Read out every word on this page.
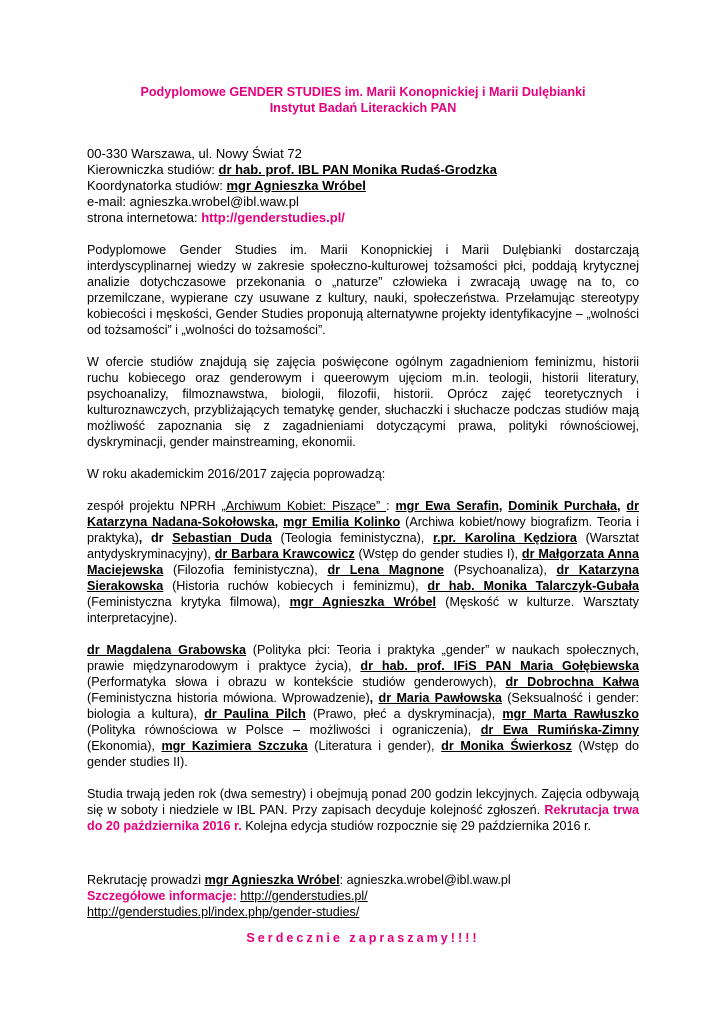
Podyplomowe GENDER STUDIES im. Marii Konopnickiej i Marii Dulębianki
Instytut Badań Literackich PAN
00-330 Warszawa, ul. Nowy Świat 72
Kierowniczka studiów: dr hab. prof. IBL PAN Monika Rudaś-Grodzka
Koordynatorka studiów: mgr Agnieszka Wróbel
e-mail: agnieszka.wrobel@ibl.waw.pl
strona internetowa: http://genderstudies.pl/

Podyplomowe Gender Studies im. Marii Konopnickiej i Marii Dulębianki dostarczają interdyscyplinarnej wiedzy w zakresie społeczno-kulturowej tożsamości płci, poddają krytycznej analizie dotychczasowe przekonania o „naturze” człowieka i zwracają uwagę na to, co przemilczane, wypierane czy usuwane z kultury, nauki, społeczeństwa. Przełamując stereotypy kobiecości i męskości, Gender Studies proponują alternatywne projekty identyfikacyjne – „wolności od tożsamości” i „wolności do tożsamości”.

W ofercie studiów znajdują się zajęcia poświęcone ogólnym zagadnieniom feminizmu, historii ruchu kobiecego oraz genderowym i queerowym ujęciom m.in. teologii, historii literatury, psychoanalizy, filmoznawstwa, biologii, filozofii, historii. Oprócz zajęć teoretycznych i kulturoznawczych, przybliżających tematykę gender, słuchaczki i słuchacze podczas studiów mają możliwość zapoznania się z zagadnieniami dotyczącymi prawa, polityki równościowej, dyskryminacji, gender mainstreaming, ekonomii.

W roku akademickim 2016/2017 zajęcia poprowadzą:

zespół projektu NPRH „Archiwum Kobiet: Piszące” : mgr Ewa Serafin, Dominik Purchała, dr Katarzyna Nadana-Sokołowska, mgr Emilia Kolinko (Archiwa kobiet/nowy biografizm. Teoria i praktyka), dr Sebastian Duda (Teologia feministyczna), r.pr. Karolina Kędziora (Warsztat antydyskryminacyjny), dr Barbara Krawcowicz (Wstęp do gender studies I), dr Małgorzata Anna Maciejewska (Filozofia feministyczna), dr Lena Magnone (Psychoanaliza), dr Katarzyna Sierakowska (Historia ruchów kobiecych i feminizmu), dr hab. Monika Talarczyk-Gubała (Feministyczna krytyka filmowa), mgr Agnieszka Wróbel (Męskość w kulturze. Warsztaty interpretacyjne).

dr Magdalena Grabowska (Polityka płci: Teoria i praktyka „gender” w naukach społecznych, prawie międzynarodowym i praktyce życia), dr hab. prof. IFiS PAN Maria Gołębiewska (Performatyka słowa i obrazu w kontekście studiów genderowych), dr Dobrochna Kałwa (Feministyczna historia mówiona. Wprowadzenie), dr Maria Pawłowska (Seksualność i gender: biologia a kultura), dr Paulina Pilch (Prawo, płeć a dyskryminacja), mgr Marta Rawłuszko (Polityka równościowa w Polsce – możliwości i ograniczenia), dr Ewa Rumińska-Zimny (Ekonomia), mgr Kazimiera Szczuka (Literatura i gender), dr Monika Świerkosz (Wstęp do gender studies II).

Studia trwają jeden rok (dwa semestry) i obejmują ponad 200 godzin lekcyjnych. Zajęcia odbywają się w soboty i niedziele w IBL PAN. Przy zapisach decyduje kolejność zgłoszeń. Rekrutacja trwa do 20 października 2016 r. Kolejna edycja studiów rozpocznie się 29 października 2016 r.

Rekrutację prowadzi mgr Agnieszka Wróbel: agnieszka.wrobel@ibl.waw.pl
Szczegółowe informacje: http://genderstudies.pl/
http://genderstudies.pl/index.php/gender-studies/
Serdecznie zapraszamy!!!!
